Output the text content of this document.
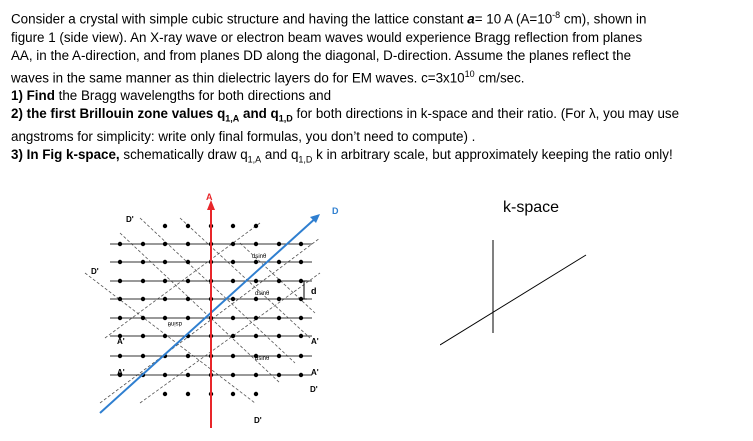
Consider a crystal with simple cubic structure and having the lattice constant a= 10 A ($A=10^{-8}$ cm), shown in

figure 1 (side view). An X-ray wave or electron beam waves would experience Bragg reflection from planes

AA, in the A-direction, and from planes DD along the diagonal, D-direction. Assume the planes reflect the

waves in the same manner as thin dielectric layers do for EM waves. $c=3x10^{10}$ cm/sec.

1) Find the Bragg wavelengths for both directions and

2) the first Brillouin zone values $q_{1,A}$ and $q_{1,D}$ for both directions in k-space and their ratio. (For λ, you may use

angstroms for simplicity: write only final formulas, you don’t need to compute) .

3) In Fig k-space, schematically draw $q_{1,A}$ and $q_{1,D}$ k in arbitrary scale, but approximately keeping the ratio only!

A
D
D'
D'
A'
A'
A'
A'
D'
D'
d
dsinθ
dsinθ
dsinθ
dsinθ
k-space
